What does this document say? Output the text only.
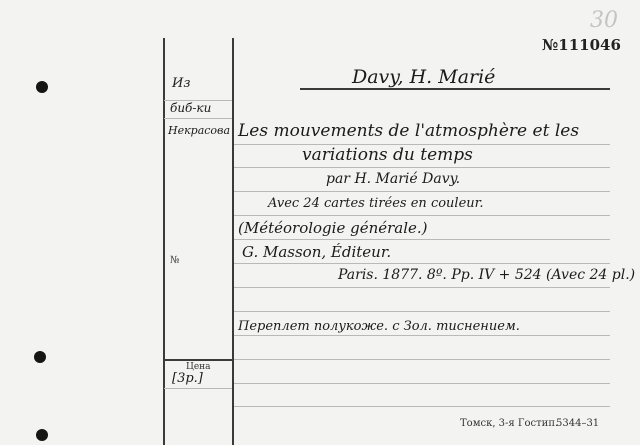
30
№111046
Davy, H. Marié
Из
биб-ки
Некрасова Les mouvements de l'atmosphère et les
variations du temps
par H. Marié Davy.
Avec 24 cartes tirées en couleur.
(Météorologie générale.)
G. Masson, Éditeur.
Paris. 1877. 8º. Pp. IV + 524 (Avec 24 pl.)
Переплет полукоже. с Зол. тиснением.
№
Цена
[3р.]
Томск, 3-я Гостип.
5344–31
